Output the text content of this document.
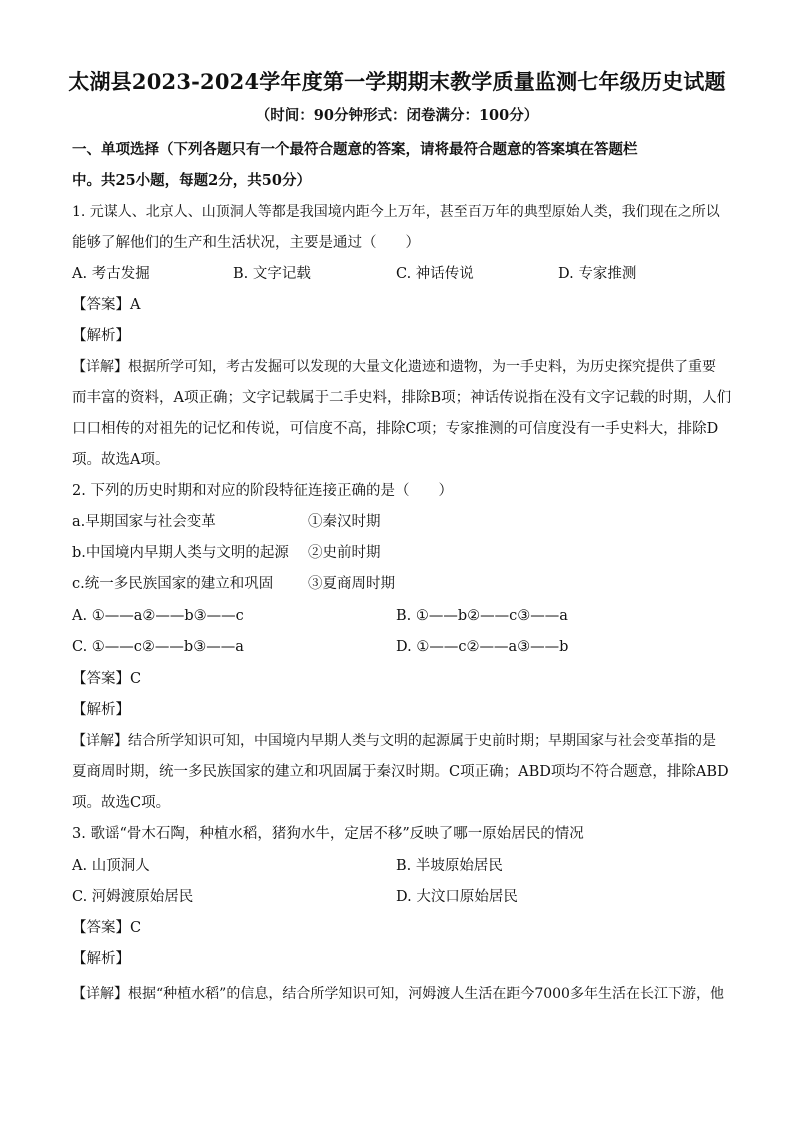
太湖县2023-2024学年度第一学期期末教学质量监测七年级历史试题
（时间：90分钟形式：闭卷满分：100分）
一、单项选择（下列各题只有一个最符合题意的答案，请将最符合题意的答案填在答题栏
中。共25小题，每题2分，共50分）
1. 元谋人、北京人、山顶洞人等都是我国境内距今上万年，甚至百万年的典型原始人类，我们现在之所以
能够了解他们的生产和生活状况，主要是通过（　　）
A. 考古发掘	B. 文字记载	C. 神话传说	D. 专家推测
【答案】A
【解析】
【详解】根据所学可知，考古发掘可以发现的大量文化遗迹和遗物，为一手史料，为历史探究提供了重要
而丰富的资料，A项正确；文字记载属于二手史料，排除B项；神话传说指在没有文字记载的时期，人们
口口相传的对祖先的记忆和传说，可信度不高，排除C项；专家推测的可信度没有一手史料大，排除D
项。故选A项。
2. 下列的历史时期和对应的阶段特征连接正确的是（　　）
a.早期国家与社会变革	①秦汉时期
b.中国境内早期人类与文明的起源 ②史前时期
c.统一多民族国家的建立和巩固 ③夏商周时期
A. ①——a②——b③——c	B. ①——b②——c③——a
C. ①——c②——b③——a	D. ①——c②——a③——b
【答案】C
【解析】
【详解】结合所学知识可知，中国境内早期人类与文明的起源属于史前时期；早期国家与社会变革指的是
夏商周时期，统一多民族国家的建立和巩固属于秦汉时期。C项正确；ABD项均不符合题意，排除ABD
项。故选C项。
3. 歌谣“骨木石陶，种植水稻，猪狗水牛，定居不移”反映了哪一原始居民的情况
A. 山顶洞人	B. 半坡原始居民
C. 河姆渡原始居民	D. 大汶口原始居民
【答案】C
【解析】
【详解】根据“种植水稻”的信息，结合所学知识可知，河姆渡人生活在距今7000多年生活在长江下游，他
